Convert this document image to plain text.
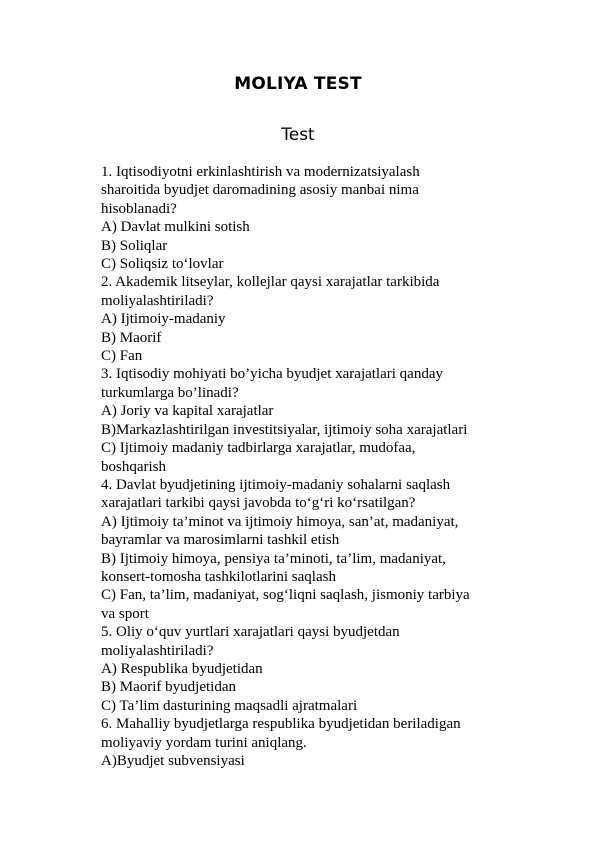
MOLIYA TEST
Test
1. Iqtisodiyotni erkinlashtirish va modernizatsiyalash
sharoitida byudjet daromadining asosiy manbai nima
hisoblanadi?
A) Davlat mulkini sotish
B) Soliqlar
C) Soliqsiz to‘lovlar
2. Akademik litseylar, kollejlar qaysi xarajatlar tarkibida
moliyalashtiriladi?
A) Ijtimoiy-madaniy
B) Maorif
C) Fan
3. Iqtisodiy mohiyati bo’yicha byudjet xarajatlari qanday
turkumlarga bo’linadi?
A) Joriy va kapital xarajatlar
B)Markazlashtirilgan investitsiyalar, ijtimoiy soha xarajatlari
C) Ijtimoiy madaniy tadbirlarga xarajatlar, mudofaa,
boshqarish
4. Davlat byudjetining ijtimoiy-madaniy sohalarni saqlash
xarajatlari tarkibi qaysi javobda to‘g‘ri ko‘rsatilgan?
A) Ijtimoiy ta’minot va ijtimoiy himoya, san’at, madaniyat,
bayramlar va marosimlarni tashkil etish
B) Ijtimoiy himoya, pensiya ta’minoti, ta’lim, madaniyat,
konsert-tomosha tashkilotlarini saqlash
C) Fan, ta’lim, madaniyat, sog‘liqni saqlash, jismoniy tarbiya
va sport
5. Oliy o‘quv yurtlari xarajatlari qaysi byudjetdan
moliyalashtiriladi?
A) Respublika byudjetidan
B) Maorif byudjetidan
C) Ta’lim dasturining maqsadli ajratmalari
6. Mahalliy byudjetlarga respublika byudjetidan beriladigan
moliyaviy yordam turini aniqlang.
A)Byudjet subvensiyasi
